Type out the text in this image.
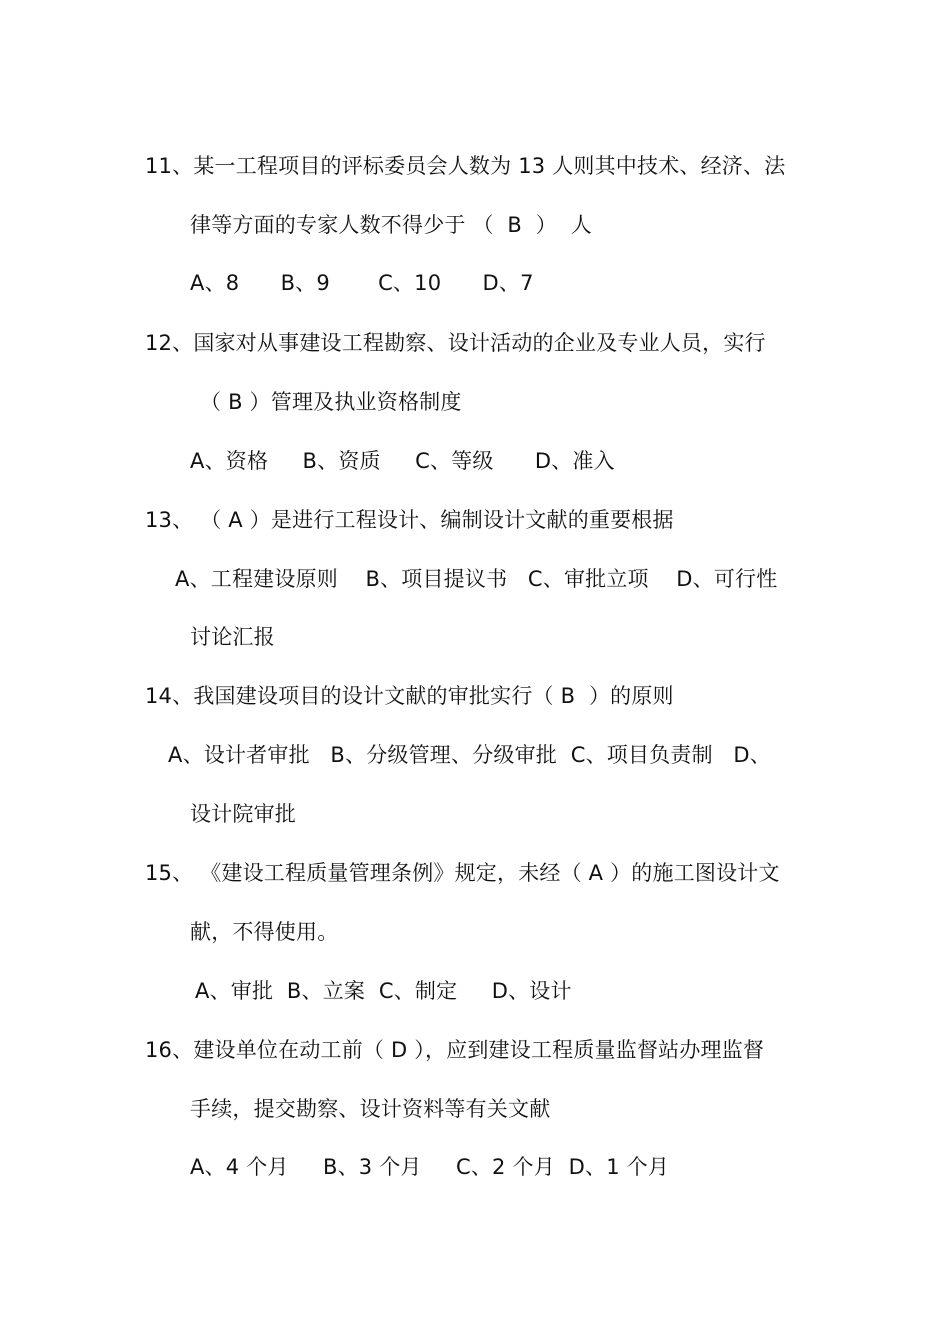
11、某一工程项目的评标委员会人数为 13 人则其中技术、经济、法
律等方面的专家人数不得少于 （  B  ）  人
A、8      B、9       C、10      D、7
12、国家对从事建设工程勘察、设计活动的企业及专业人员，实行
（ B ）管理及执业资格制度
A、资格     B、资质     C、等级      D、准入
13、 （ A ）是进行工程设计、编制设计文献的重要根据
A、工程建设原则    B、项目提议书   C、审批立项    D、可行性
讨论汇报
14、我国建设项目的设计文献的审批实行（ B  ）的原则
A、设计者审批   B、分级管理、分级审批  C、项目负责制   D、
设计院审批
15、 《建设工程质量管理条例》规定，未经（ A ）的施工图设计文
献，不得使用。
A、审批  B、立案  C、制定     D、设计
16、建设单位在动工前（ D ），应到建设工程质量监督站办理监督
手续，提交勘察、设计资料等有关文献
A、4 个月     B、3 个月     C、2 个月  D、1 个月
